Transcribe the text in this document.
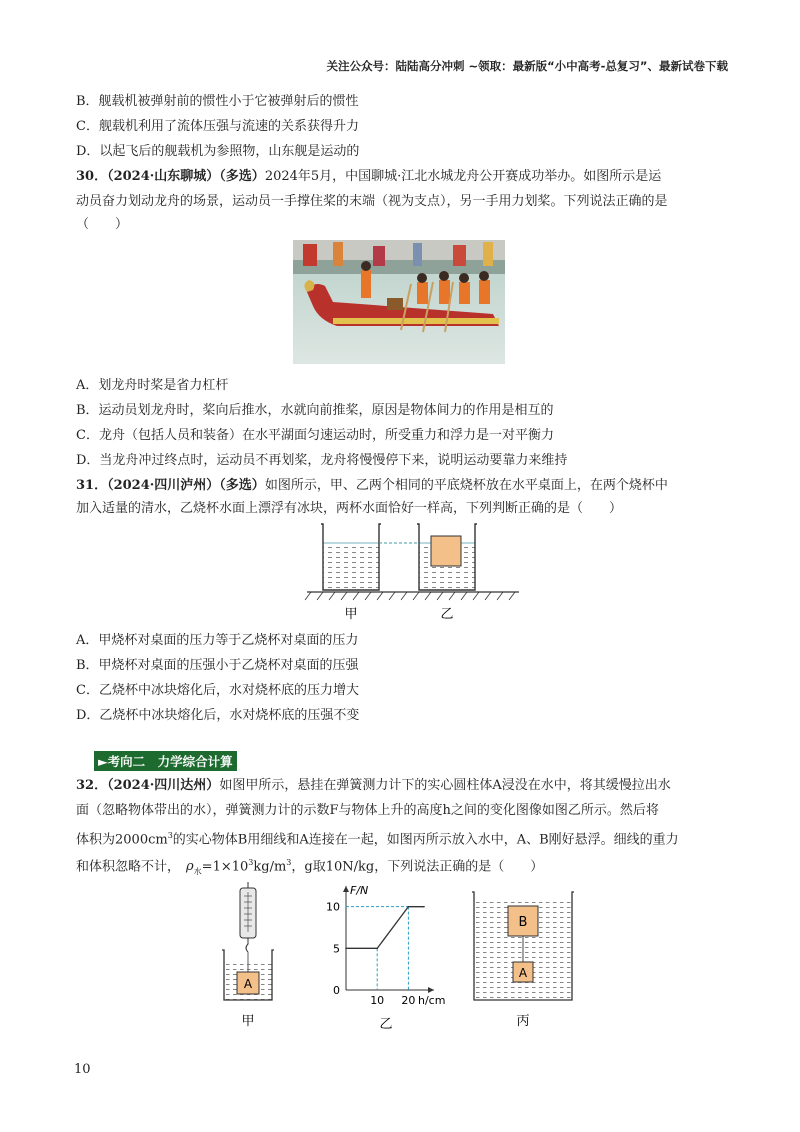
关注公众号：陆陆高分冲刺 ~领取：最新版“小中高考-总复习”、最新试卷下载
B．舰载机被弹射前的惯性小于它被弹射后的惯性
C．舰载机利用了流体压强与流速的关系获得升力
D．以起飞后的舰载机为参照物，山东舰是运动的
30．（2024·山东聊城）（多选）2024年5月，中国聊城·江北水城龙舟公开赛成功举办。如图所示是运
动员奋力划动龙舟的场景，运动员一手撑住桨的末端（视为支点），另一手用力划桨。下列说法正确的是
（　　）
A．划龙舟时桨是省力杠杆
B．运动员划龙舟时，桨向后推水，水就向前推桨，原因是物体间力的作用是相互的
C．龙舟（包括人员和装备）在水平湖面匀速运动时，所受重力和浮力是一对平衡力
D．当龙舟冲过终点时，运动员不再划桨，龙舟将慢慢停下来，说明运动要靠力来维持
31．（2024·四川泸州）（多选）如图所示，甲、乙两个相同的平底烧杯放在水平桌面上，在两个烧杯中
加入适量的清水，乙烧杯水面上漂浮有冰块，两杯水面恰好一样高，下列判断正确的是（　　）
甲	乙
A．甲烧杯对桌面的压力等于乙烧杯对桌面的压力
B．甲烧杯对桌面的压强小于乙烧杯对桌面的压强
C．乙烧杯中冰块熔化后，水对烧杯底的压力增大
D．乙烧杯中冰块熔化后，水对烧杯底的压强不变
►考向二　力学综合计算
32．（2024·四川达州）如图甲所示，悬挂在弹簧测力计下的实心圆柱体A浸没在水中，将其缓慢拉出水
面（忽略物体带出的水），弹簧测力计的示数F与物体上升的高度h之间的变化图像如图乙所示。然后将
体积为$2000cm^3$的实心物体B用细线和A连接在一起，如图丙所示放入水中，A、B刚好悬浮。细线的重力
和体积忽略不计， $\rho_水=1\times 10^3kg/m^3$，g取10N/kg，下列说法正确的是（　　）
A
甲
F/N
h/cm
0
5
10
10 20
乙
B
A
丙
10
